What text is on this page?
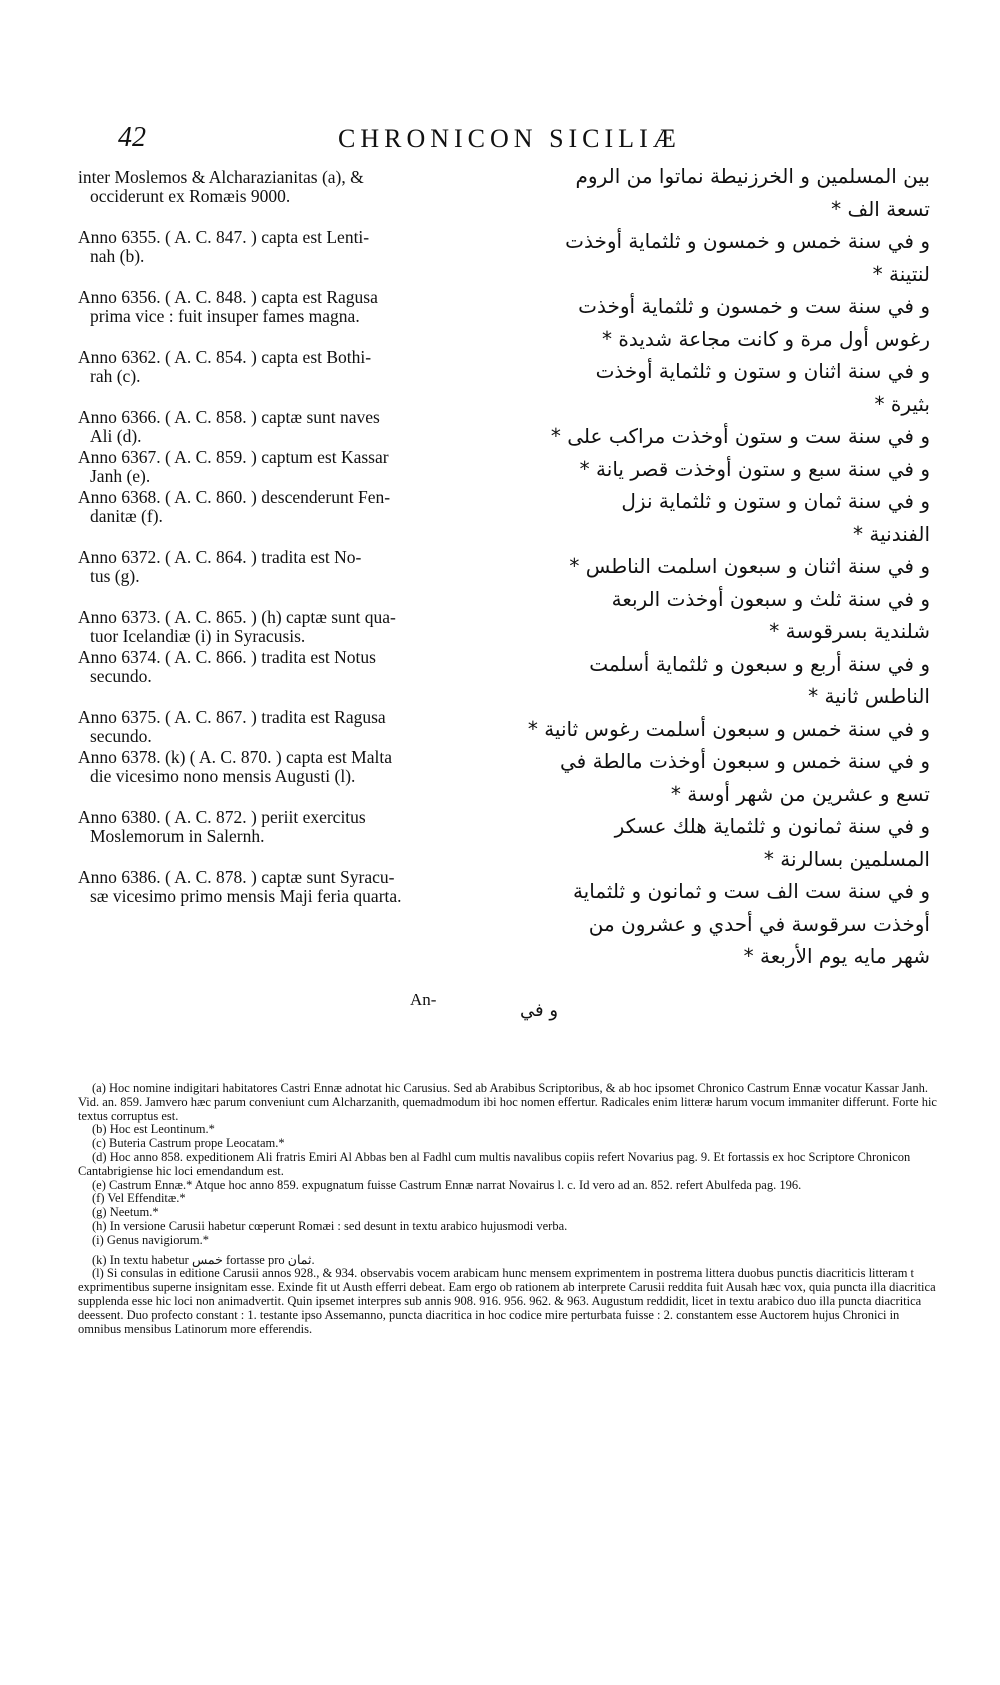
42	CHRONICON SICILIÆ
inter Moslemos & Alcharazianitas (a), &
occiderunt ex Romæis 9000.
Anno 6355. ( A. C. 847. ) capta est Lenti-
nah (b).
Anno 6356. ( A. C. 848. ) capta est Ragusa
prima vice : fuit insuper fames magna.
Anno 6362. ( A. C. 854. ) capta est Bothi-
rah (c).
Anno 6366. ( A. C. 858. ) captæ sunt naves
Ali (d).
Anno 6367. ( A. C. 859. ) captum est Kassar
Janh (e).
Anno 6368. ( A. C. 860. ) descenderunt Fen-
danitæ (f).
Anno 6372. ( A. C. 864. ) tradita est No-
tus (g).
Anno 6373. ( A. C. 865. ) (h) captæ sunt qua-
tuor Icelandiæ (i) in Syracusis.
Anno 6374. ( A. C. 866. ) tradita est Notus
secundo.
Anno 6375. ( A. C. 867. ) tradita est Ragusa
secundo.
Anno 6378. (k) ( A. C. 870. ) capta est Malta
die vicesimo nono mensis Augusti (l).
Anno 6380. ( A. C. 872. ) periit exercitus
Moslemorum in Salernh.
Anno 6386. ( A. C. 878. ) captæ sunt Syracu-
sæ vicesimo primo mensis Maji feria quarta.
بين المسلمين و الخرزنيطة نماتوا من الروم
تسعة الف *
و في سنة خمس و خمسون و ثلثماية أوخذت
لنتينة *
و في سنة ست و خمسون و ثلثماية أوخذت
رغوس أول مرة و كانت مجاعة شديدة *
و في سنة اثنان و ستون و ثلثماية أوخذت
بثيرة *
و في سنة ست و ستون أوخذت مراكب على *
و في سنة سبع و ستون أوخذت قصر يانة *
و في سنة ثمان و ستون و ثلثماية نزل
الفندنية *
و في سنة اثنان و سبعون اسلمت الناطس *
و في سنة ثلث و سبعون أوخذت الربعة
شلندية بسرقوسة *
و في سنة أربع و سبعون و ثلثماية أسلمت
الناطس ثانية *
و في سنة خمس و سبعون أسلمت رغوس ثانية *
و في سنة خمس و سبعون أوخذت مالطة في
تسع و عشرين من شهر أوسة *
و في سنة ثمانون و ثلثماية هلك عسكر
المسلمين بسالرنة *
و في سنة ست الف ست و ثمانون و ثلثماية
أوخذت سرقوسة في أحدي و عشرون من
شهر مايه يوم الأربعة *
An-
و في

(a) Hoc nomine indigitari habitatores Castri Ennæ adnotat hic Carusius. Sed ab Arabibus Scriptoribus, & ab hoc ipsomet Chronico Castrum Ennæ vocatur Kassar Janh. Vid. an. 859. Jamvero hæc parum conveniunt cum Alcharzanith, quemadmodum ibi hoc nomen effertur. Radicales enim litteræ harum vocum immaniter differunt. Forte hic textus corruptus est.

(b) Hoc est Leontinum.*

(c) Buteria Castrum prope Leocatam.*

(d) Hoc anno 858. expeditionem Ali fratris Emiri Al Abbas ben al Fadhl cum multis navalibus copiis refert Novarius pag. 9. Et fortassis ex hoc Scriptore Chronicon Cantabrigiense hic loci emendandum est.

(e) Castrum Ennæ.* Atque hoc anno 859. expugnatum fuisse Castrum Ennæ narrat Novairus l. c. Id vero ad an. 852. refert Abulfeda pag. 196.

(f) Vel Effenditæ.*

(g) Neetum.*

(h) In versione Carusii habetur cœperunt Romæi : sed desunt in textu arabico hujusmodi verba.

(i) Genus navigiorum.*

(k) In textu habetur خمس fortasse pro ثمان.

(l) Si consulas in editione Carusii annos 928., & 934. observabis vocem arabicam hunc mensem exprimentem in postrema littera duobus punctis diacriticis litteram t exprimentibus superne insignitam esse. Exinde fit ut Austh efferri debeat. Eam ergo ob rationem ab interprete Carusii reddita fuit Ausah hæc vox, quia puncta illa diacritica supplenda esse hic loci non animadvertit. Quin ipsemet interpres sub annis 908. 916. 956. 962. & 963. Augustum reddidit, licet in textu arabico duo illa puncta diacritica deessent. Duo profecto constant : 1. testante ipso Assemanno, puncta diacritica in hoc codice mire perturbata fuisse : 2. constantem esse Auctorem hujus Chronici in omnibus mensibus Latinorum more efferendis.
